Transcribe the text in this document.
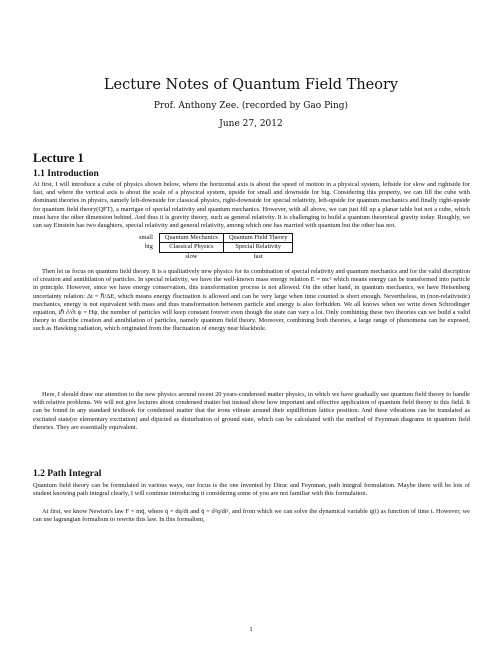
Lecture Notes of Quantum Field Theory
Prof. Anthony Zee. (recorded by Gao Ping)
June 27, 2012
Lecture 1
1.1 Introduction
At first, I will introduce a cube of physics shown below, where the horizontal axis is about the speed of motion in a physical system, leftside for slow and rightside for fast, and where the vertical axis is about the scale of a physcical system, upside for small and downside for big. Considering this property, we can fill the cube with dominant theories in physics, namely left-downside for classical physics, right-downside for special relativity, left-upside for quantum mechanics and finally right-upside for quantum field theory(QFT), a marrigae of special relativity and quantum mechanics. However, with all above, we can just fill up a planar table but not a cube, which must have the other dimension behind. And thus it is gravity theory, such as general relativity. It is challenging to build a quantum theoretical gravity today. Roughly, we can say Einstein has two daughters, special relativity and general relativity, among which one has married with quantum but the other has not.
small	Quantum Mechanics	Quantum Field Theory
big	Classical Physics	Special Relativity
	slow	fast
Then let us focus on quantum field theory. It is a qualitatively new physics for its combination of special relativity and quantum mechanics and for the valid discription of creation and annihilation of particles. In special relativity, we have the well-known mass energy relation E = mc² which means energy can be transformed into particle in principle. However, since we have energy conservation, this transformation process is not allowed. On the other hand, in quantum mechanics, we have Heisenberg uncertainty relation: Δt = ℏ/ΔE, which means energy fluctuation is allowed and can be very large when time counted is short enough. Nevertheless, in (non-relativistic) mechanics, energy is not equivalent with mass and thus transformation between particle and energy is also forbidden. We all knows when we write down Schrodinger equation, iℏ ∂/∂t ψ = Hψ, the number of particles will keep constant forever even though the state can vary a lot. Only combining these two theories can we build a valid theory to discribe creation and annihilation of particles, namely quantum field theory. Moreover, combining both theories, a large range of phenomena can be exposed, such as Hawking radiation, which originated from the fluctuation of energy near blackhole.
Here, I should draw our attention to the new physics around recent 20 years-condensed matter physics, in which we have gradually use quantum field theory to handle with relative problems. We will not give lectures about condensed matter but instead show how important and effective application of quantum field theory to this field. It can be found in any standard textbook for condensed matter that the irons vibrate around their equilibrium lattice position. And these vibrations can be translated as excitated state(or elementary excitation) and dipicted as disturbation of ground state, which can be calculated with the method of Feynman diagrams in quantum field theories. They are essentially equivalent.
1.2 Path Integral
Quantum field theory can be formulated in various ways, our focus is the one invented by Dirac and Feynman, path integral formulation. Maybe there will be lots of student knowing path integral clearly, I will continue introducing it considering some of you are not familiar with this formulation.
At first, we know Newton's law F = mq̈, where q̇ = dq/dt and q̈ = d²q/dt², and from which we can solve the dynamical variable q(t) as function of time t. However, we can use lagrangian formalism to rewrite this law. In this formalism,
1
